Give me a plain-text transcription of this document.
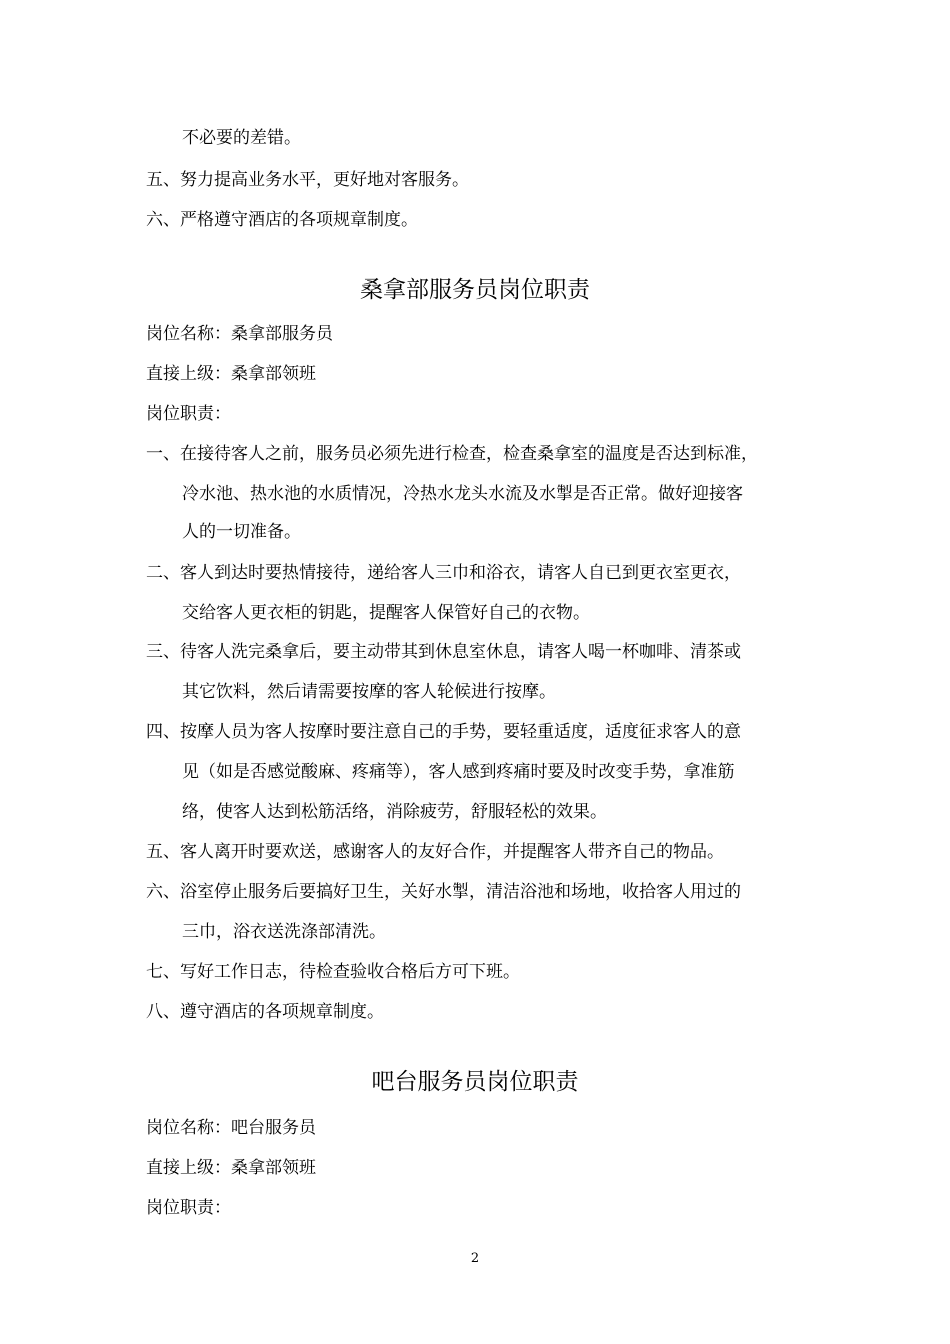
不必要的差错。
五、努力提高业务水平，更好地对客服务。
六、严格遵守酒店的各项规章制度。
桑拿部服务员岗位职责
岗位名称：桑拿部服务员
直接上级：桑拿部领班
岗位职责：
一、在接待客人之前，服务员必须先进行检查，检查桑拿室的温度是否达到标准，
冷水池、热水池的水质情况，冷热水龙头水流及水掣是否正常。做好迎接客
人的一切准备。
二、客人到达时要热情接待，递给客人三巾和浴衣，请客人自已到更衣室更衣，
交给客人更衣柜的钥匙，提醒客人保管好自己的衣物。
三、待客人洗完桑拿后，要主动带其到休息室休息，请客人喝一杯咖啡、清茶或
其它饮料，然后请需要按摩的客人轮候进行按摩。
四、按摩人员为客人按摩时要注意自己的手势，要轻重适度，适度征求客人的意
见（如是否感觉酸麻、疼痛等），客人感到疼痛时要及时改变手势，拿准筋
络，使客人达到松筋活络，消除疲劳，舒服轻松的效果。
五、客人离开时要欢送，感谢客人的友好合作，并提醒客人带齐自己的物品。
六、浴室停止服务后要搞好卫生，关好水掣，清洁浴池和场地，收拾客人用过的
三巾，浴衣送洗涤部清洗。
七、写好工作日志，待检查验收合格后方可下班。
八、遵守酒店的各项规章制度。
吧台服务员岗位职责
岗位名称：吧台服务员
直接上级：桑拿部领班
岗位职责：
2
